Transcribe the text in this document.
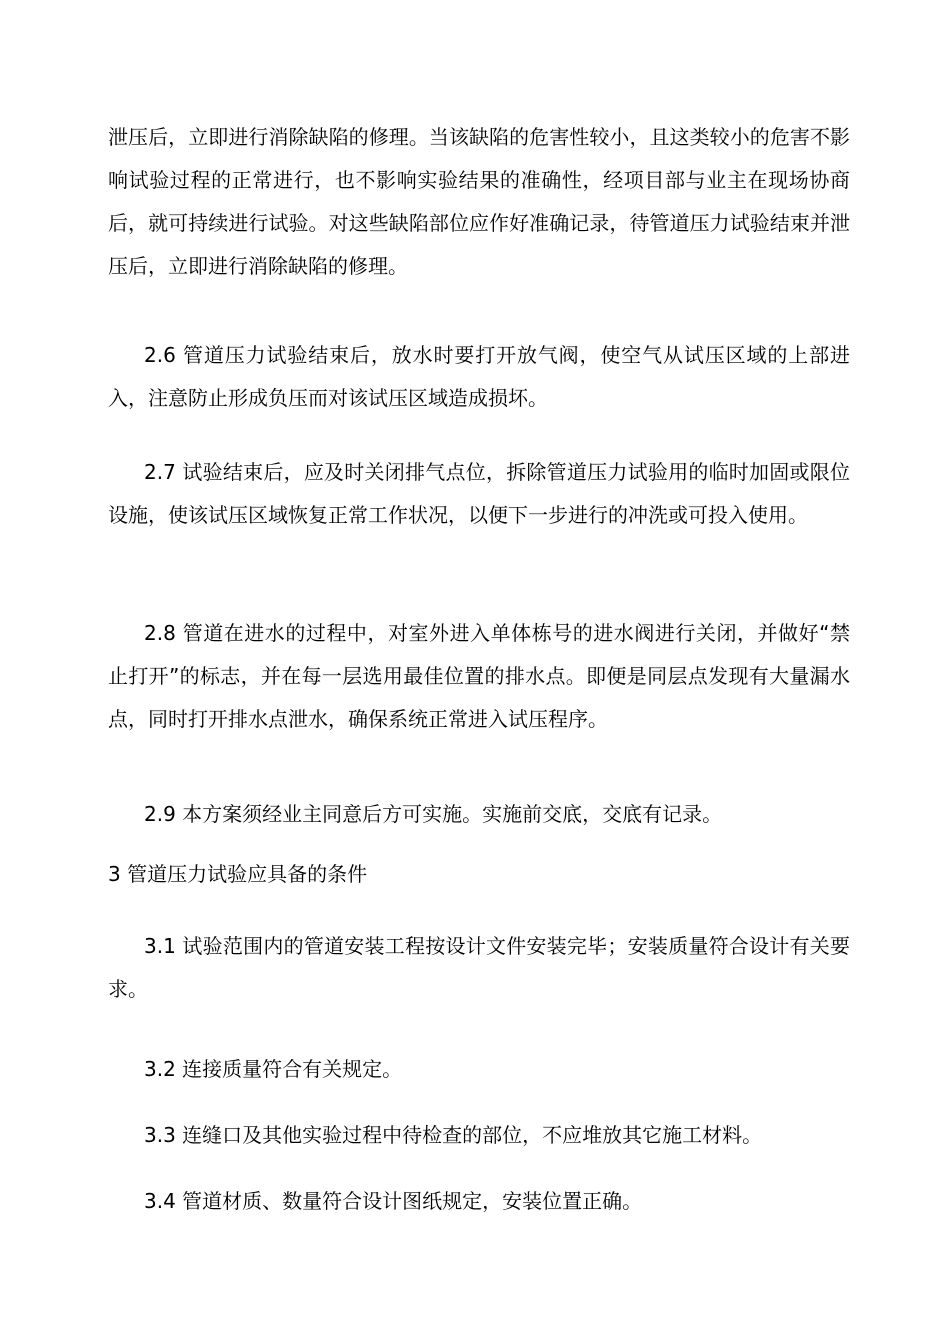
泄压后，立即进行消除缺陷的修理。当该缺陷的危害性较小，且这类较小的危害不影响试验过程的正常进行，也不影响实验结果的准确性，经项目部与业主在现场协商后，就可持续进行试验。对这些缺陷部位应作好准确记录，待管道压力试验结束并泄压后，立即进行消除缺陷的修理。

2.6 管道压力试验结束后，放水时要打开放气阀，使空气从试压区域的上部进入，注意防止形成负压而对该试压区域造成损坏。

2.7 试验结束后，应及时关闭排气点位，拆除管道压力试验用的临时加固或限位设施，使该试压区域恢复正常工作状况，以便下一步进行的冲洗或可投入使用。

2.8 管道在进水的过程中，对室外进入单体栋号的进水阀进行关闭，并做好“禁止打开”的标志，并在每一层选用最佳位置的排水点。即便是同层点发现有大量漏水点，同时打开排水点泄水，确保系统正常进入试压程序。

2.9 本方案须经业主同意后方可实施。实施前交底，交底有记录。

3 管道压力试验应具备的条件

3.1 试验范围内的管道安装工程按设计文件安装完毕；安装质量符合设计有关要求。

3.2 连接质量符合有关规定。

3.3 连缝口及其他实验过程中待检查的部位，不应堆放其它施工材料。

3.4 管道材质、数量符合设计图纸规定，安装位置正确。
